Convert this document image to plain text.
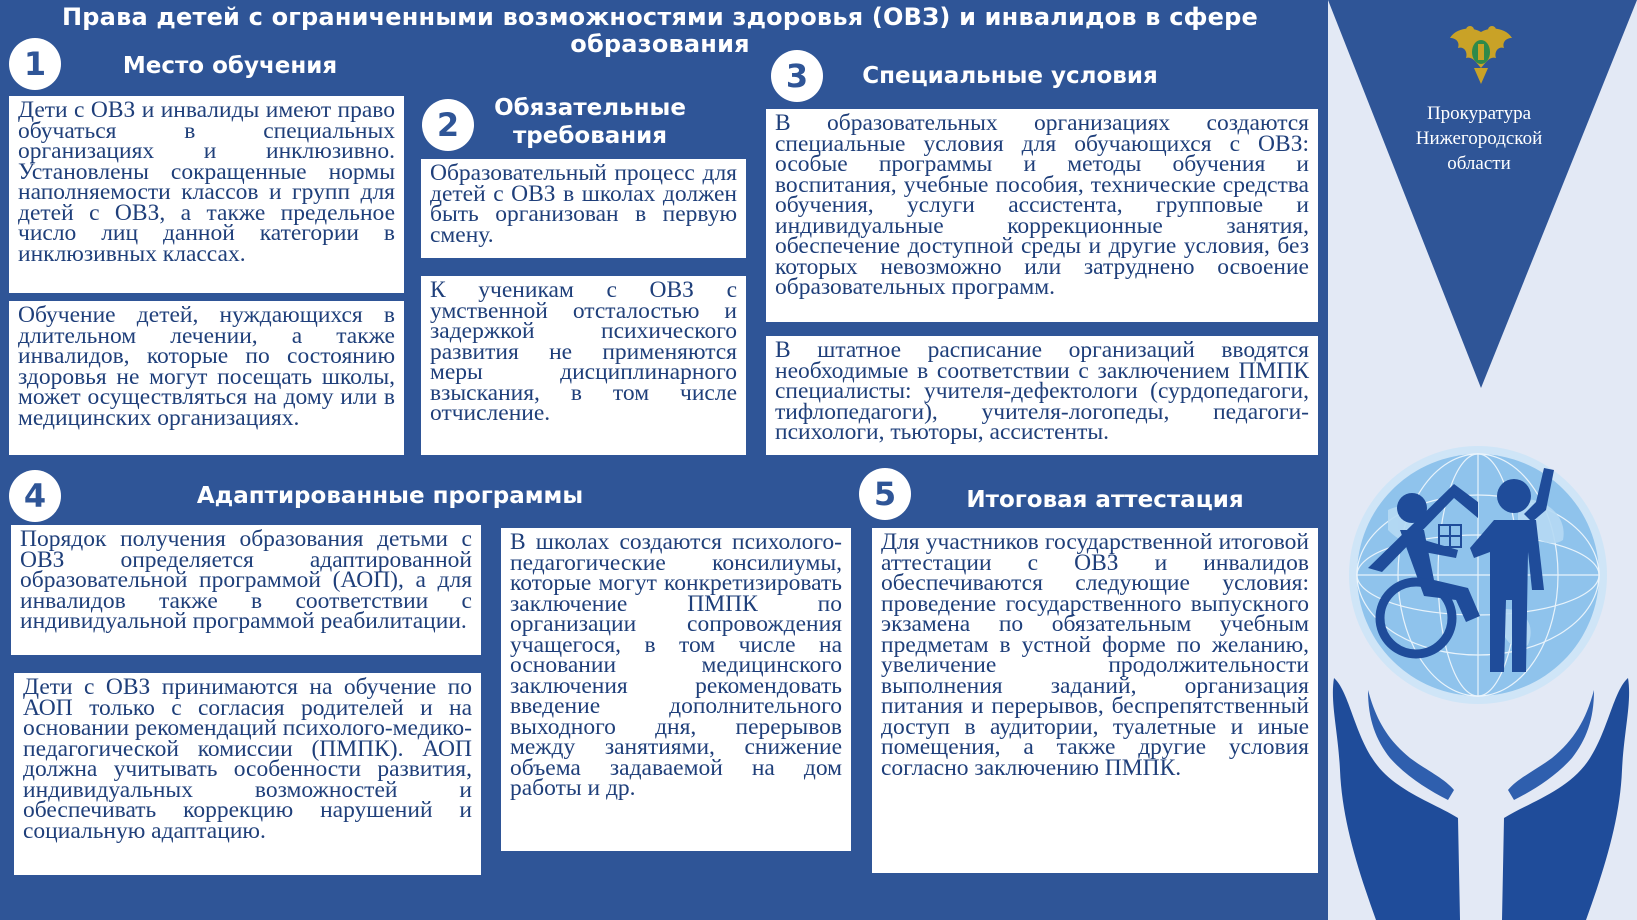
Права детей с ограниченными возможностями здоровья (ОВЗ) и инвалидов в сфере образования
1	Место обучения
Дети с ОВЗ и инвалиды имеют право обучаться в специальных организациях и инклюзивно. Установлены сокращенные нормы наполняемости классов и групп для детей с ОВЗ, а также предельное число лиц данной категории в инклюзивных классах.
Обучение детей, нуждающихся в длительном лечении, а также инвалидов, которые по состоянию здоровья не могут посещать школы, может осуществляться на дому или в медицинских организациях.
2	Обязательные требования
Образовательный процесс для детей с ОВЗ в школах должен быть организован в первую смену.
К ученикам с ОВЗ с умственной отсталостью и задержкой психического развития не применяются меры дисциплинарного взыскания, в том числе отчисление.
3	Специальные условия
В образовательных организациях создаются специальные условия для обучающихся с ОВЗ: особые программы и методы обучения и воспитания, учебные пособия, технические средства обучения, услуги ассистента, групповые и индивидуальные коррекционные занятия, обеспечение доступной среды и другие условия, без которых невозможно или затруднено освоение образовательных программ.
В штатное расписание организаций вводятся необходимые в соответствии с заключением ПМПК специалисты: учителя-дефектологи (сурдопедагоги, тифлопедагоги), учителя-логопеды, педагоги-психологи, тьюторы, ассистенты.
4	Адаптированные программы
Порядок получения образования детьми с ОВЗ определяется адаптированной образовательной программой (АОП), а для инвалидов также в соответствии с индивидуальной программой реабилитации.
Дети с ОВЗ принимаются на обучение по АОП только с согласия родителей и на основании рекомендаций психолого-медико-педагогической комиссии (ПМПК). АОП должна учитывать особенности развития, индивидуальных возможностей и обеспечивать коррекцию нарушений и социальную адаптацию.
В школах создаются психолого-педагогические консилиумы, которые могут конкретизировать заключение ПМПК по организации сопровождения учащегося, в том числе на основании медицинского заключения рекомендовать введение дополнительного выходного дня, перерывов между занятиями, снижение объема задаваемой на дом работы и др.
5	Итоговая аттестация
Для участников государственной итоговой аттестации с ОВЗ и инвалидов обеспечиваются следующие условия: проведение государственного выпускного экзамена по обязательным учебным предметам в устной форме по желанию, увеличение продолжительности выполнения заданий, организация питания и перерывов, беспрепятственный доступ в аудитории, туалетные и иные помещения, а также другие условия согласно заключению ПМПК.
Прокуратура Нижегородской области
